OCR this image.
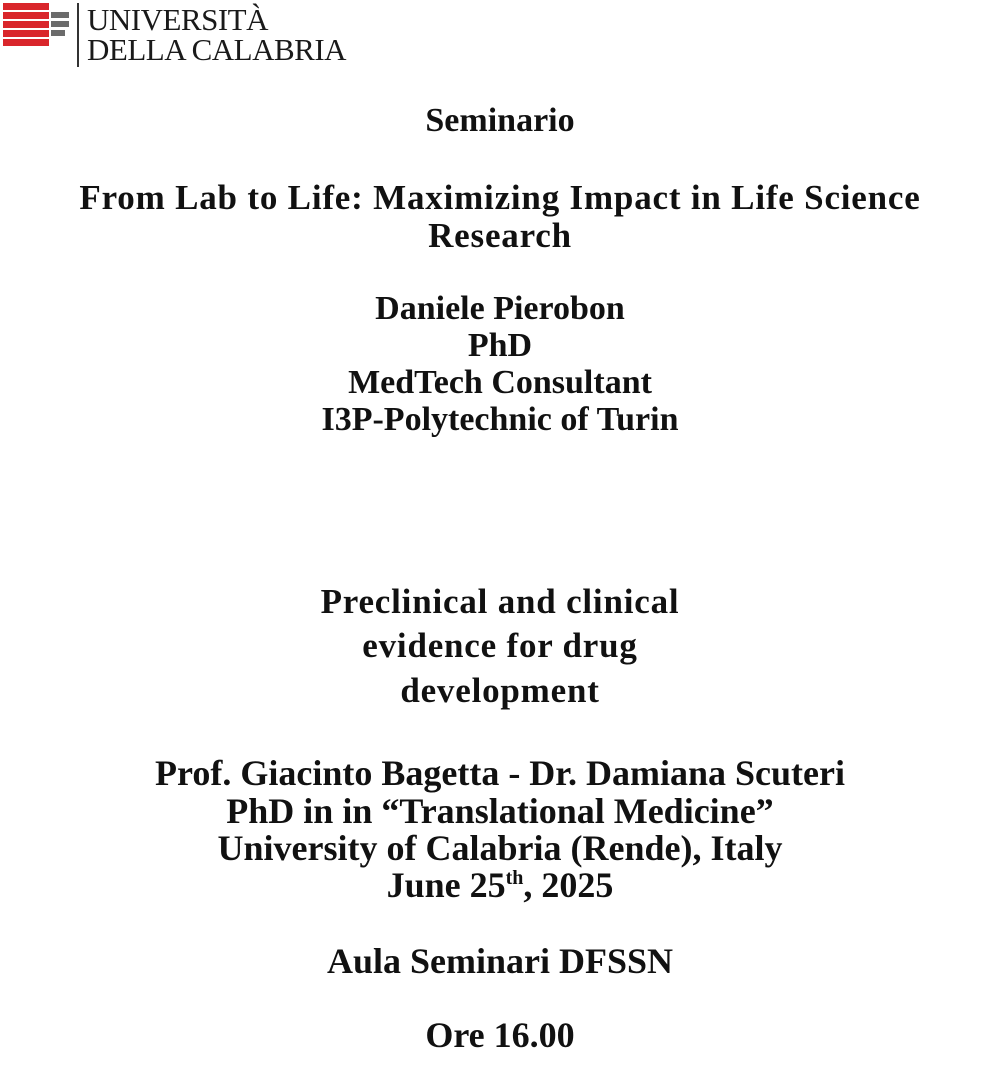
UNIVERSITÀ
DELLA CALABRIA
Seminario
From Lab to Life: Maximizing Impact in Life Science
Research
Daniele Pierobon
PhD
MedTech Consultant
I3P-Polytechnic of Turin
Preclinical and clinical
evidence for drug
development
Prof. Giacinto Bagetta - Dr. Damiana Scuteri
PhD in in “Translational Medicine”
University of Calabria (Rende), Italy
June 25th, 2025
Aula Seminari DFSSN
Ore 16.00
